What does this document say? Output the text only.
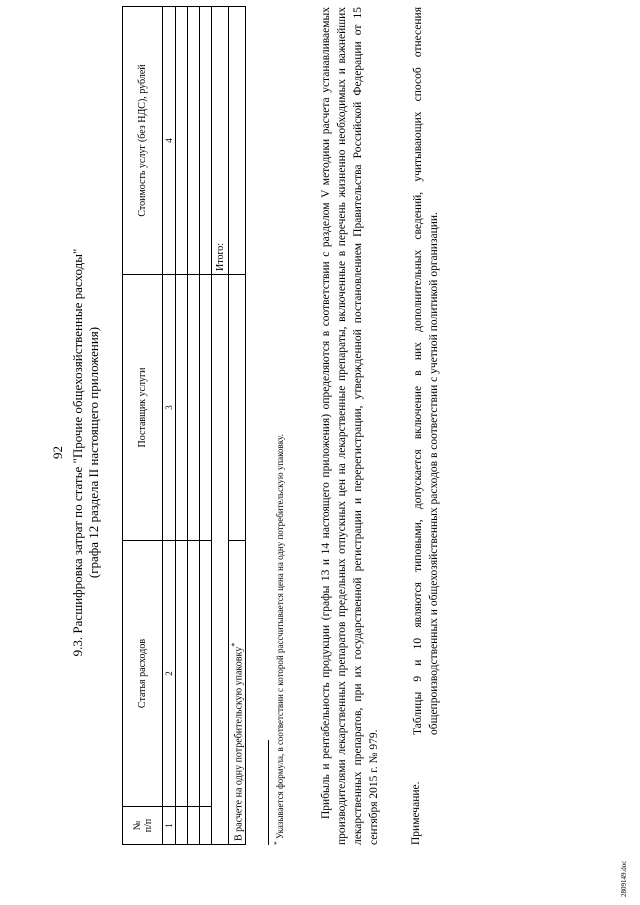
92 9.3. Расшифровка затрат по статье "Прочие общехозяйственные расходы" (графа 12 раздела II настоящего приложения)
№ п/п	Статья расходов	Поставщик услуги	Стоимость услуг (без НДС), рублей
1	2	3	4

			Итого:
В расчете на одну потребительскую упаковку*		
* Указывается формула, в соответствии с которой рассчитывается цена на одну потребительскую упаковку.	Прибыль и рентабельность продукции (графы 13 и 14 настоящего приложения) определяются в соответствии с разделом V методики расчета устанавливаемых производителями лекарственных препаратов предельных отпускных цен на лекарственные препараты, включенные в перечень жизненно необходимых и важнейших лекарственных препаратов, при их государственной регистрации и перерегистрации, утвержденной постановлением Правительства Российской Федерации от 15 сентября 2015 г. № 979.	Примечание.
Таблицы 9 и 10 являются типовыми, допускается включение в них дополнительных сведений, учитывающих способ отнесения общепроизводственных и общехозяйственных расходов в соответствии с учетной политикой организации.
2809149.doc
